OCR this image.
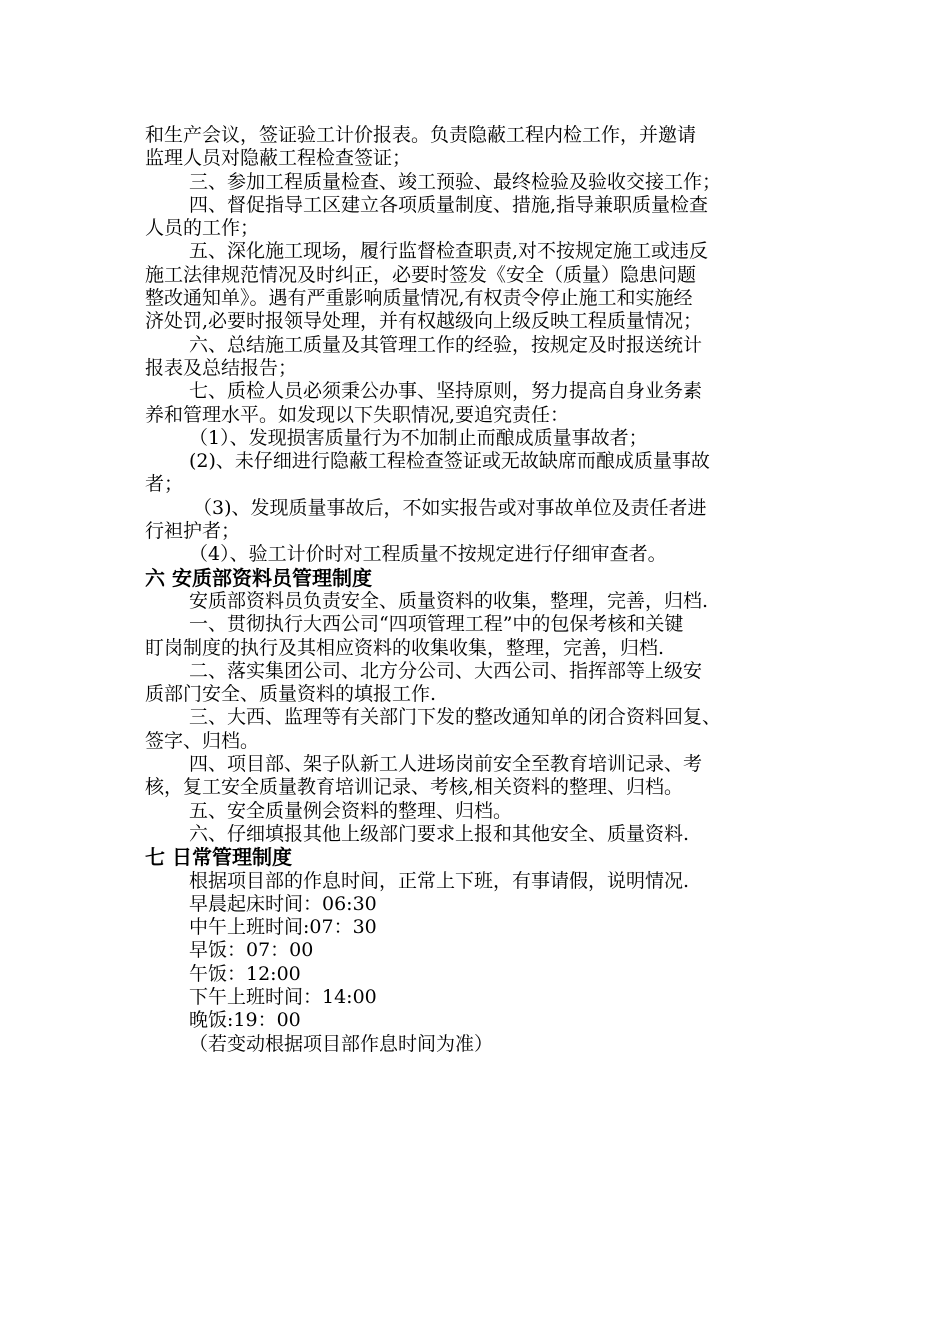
和生产会议，签证验工计价报表。负责隐蔽工程内检工作，并邀请
监理人员对隐蔽工程检查签证；
三、参加工程质量检查、竣工预验、最终检验及验收交接工作；
四、督促指导工区建立各项质量制度、措施,指导兼职质量检查
人员的工作；
五、深化施工现场，履行监督检查职责,对不按规定施工或违反
施工法律规范情况及时纠正，必要时签发《安全（质量）隐患问题
整改通知单》。遇有严重影响质量情况,有权责令停止施工和实施经
济处罚,必要时报领导处理，并有权越级向上级反映工程质量情况；
六、总结施工质量及其管理工作的经验，按规定及时报送统计
报表及总结报告；
七、质检人员必须秉公办事、坚持原则，努力提高自身业务素
养和管理水平。如发现以下失职情况,要追究责任：
（1）、发现损害质量行为不加制止而酿成质量事故者；
(2)、未仔细进行隐蔽工程检查签证或无故缺席而酿成质量事故
者；
（3)、发现质量事故后，不如实报告或对事故单位及责任者进
行袒护者；
（4）、验工计价时对工程质量不按规定进行仔细审查者。
六 安质部资料员管理制度
安质部资料员负责安全、质量资料的收集，整理，完善，归档.
一、贯彻执行大西公司“四项管理工程”中的包保考核和关键
盯岗制度的执行及其相应资料的收集收集，整理，完善，归档.
二、落实集团公司、北方分公司、大西公司、指挥部等上级安
质部门安全、质量资料的填报工作.
三、大西、监理等有关部门下发的整改通知单的闭合资料回复、
签字、归档。
四、项目部、架子队新工人进场岗前安全至教育培训记录、考
核，复工安全质量教育培训记录、考核,相关资料的整理、归档。
五、安全质量例会资料的整理、归档。
六、仔细填报其他上级部门要求上报和其他安全、质量资料.
七 日常管理制度
根据项目部的作息时间，正常上下班，有事请假，说明情况.
早晨起床时间：06:30
中午上班时间:07：30
早饭：07：00
午饭：12:00
下午上班时间：14:00
晚饭:19：00
（若变动根据项目部作息时间为准）
